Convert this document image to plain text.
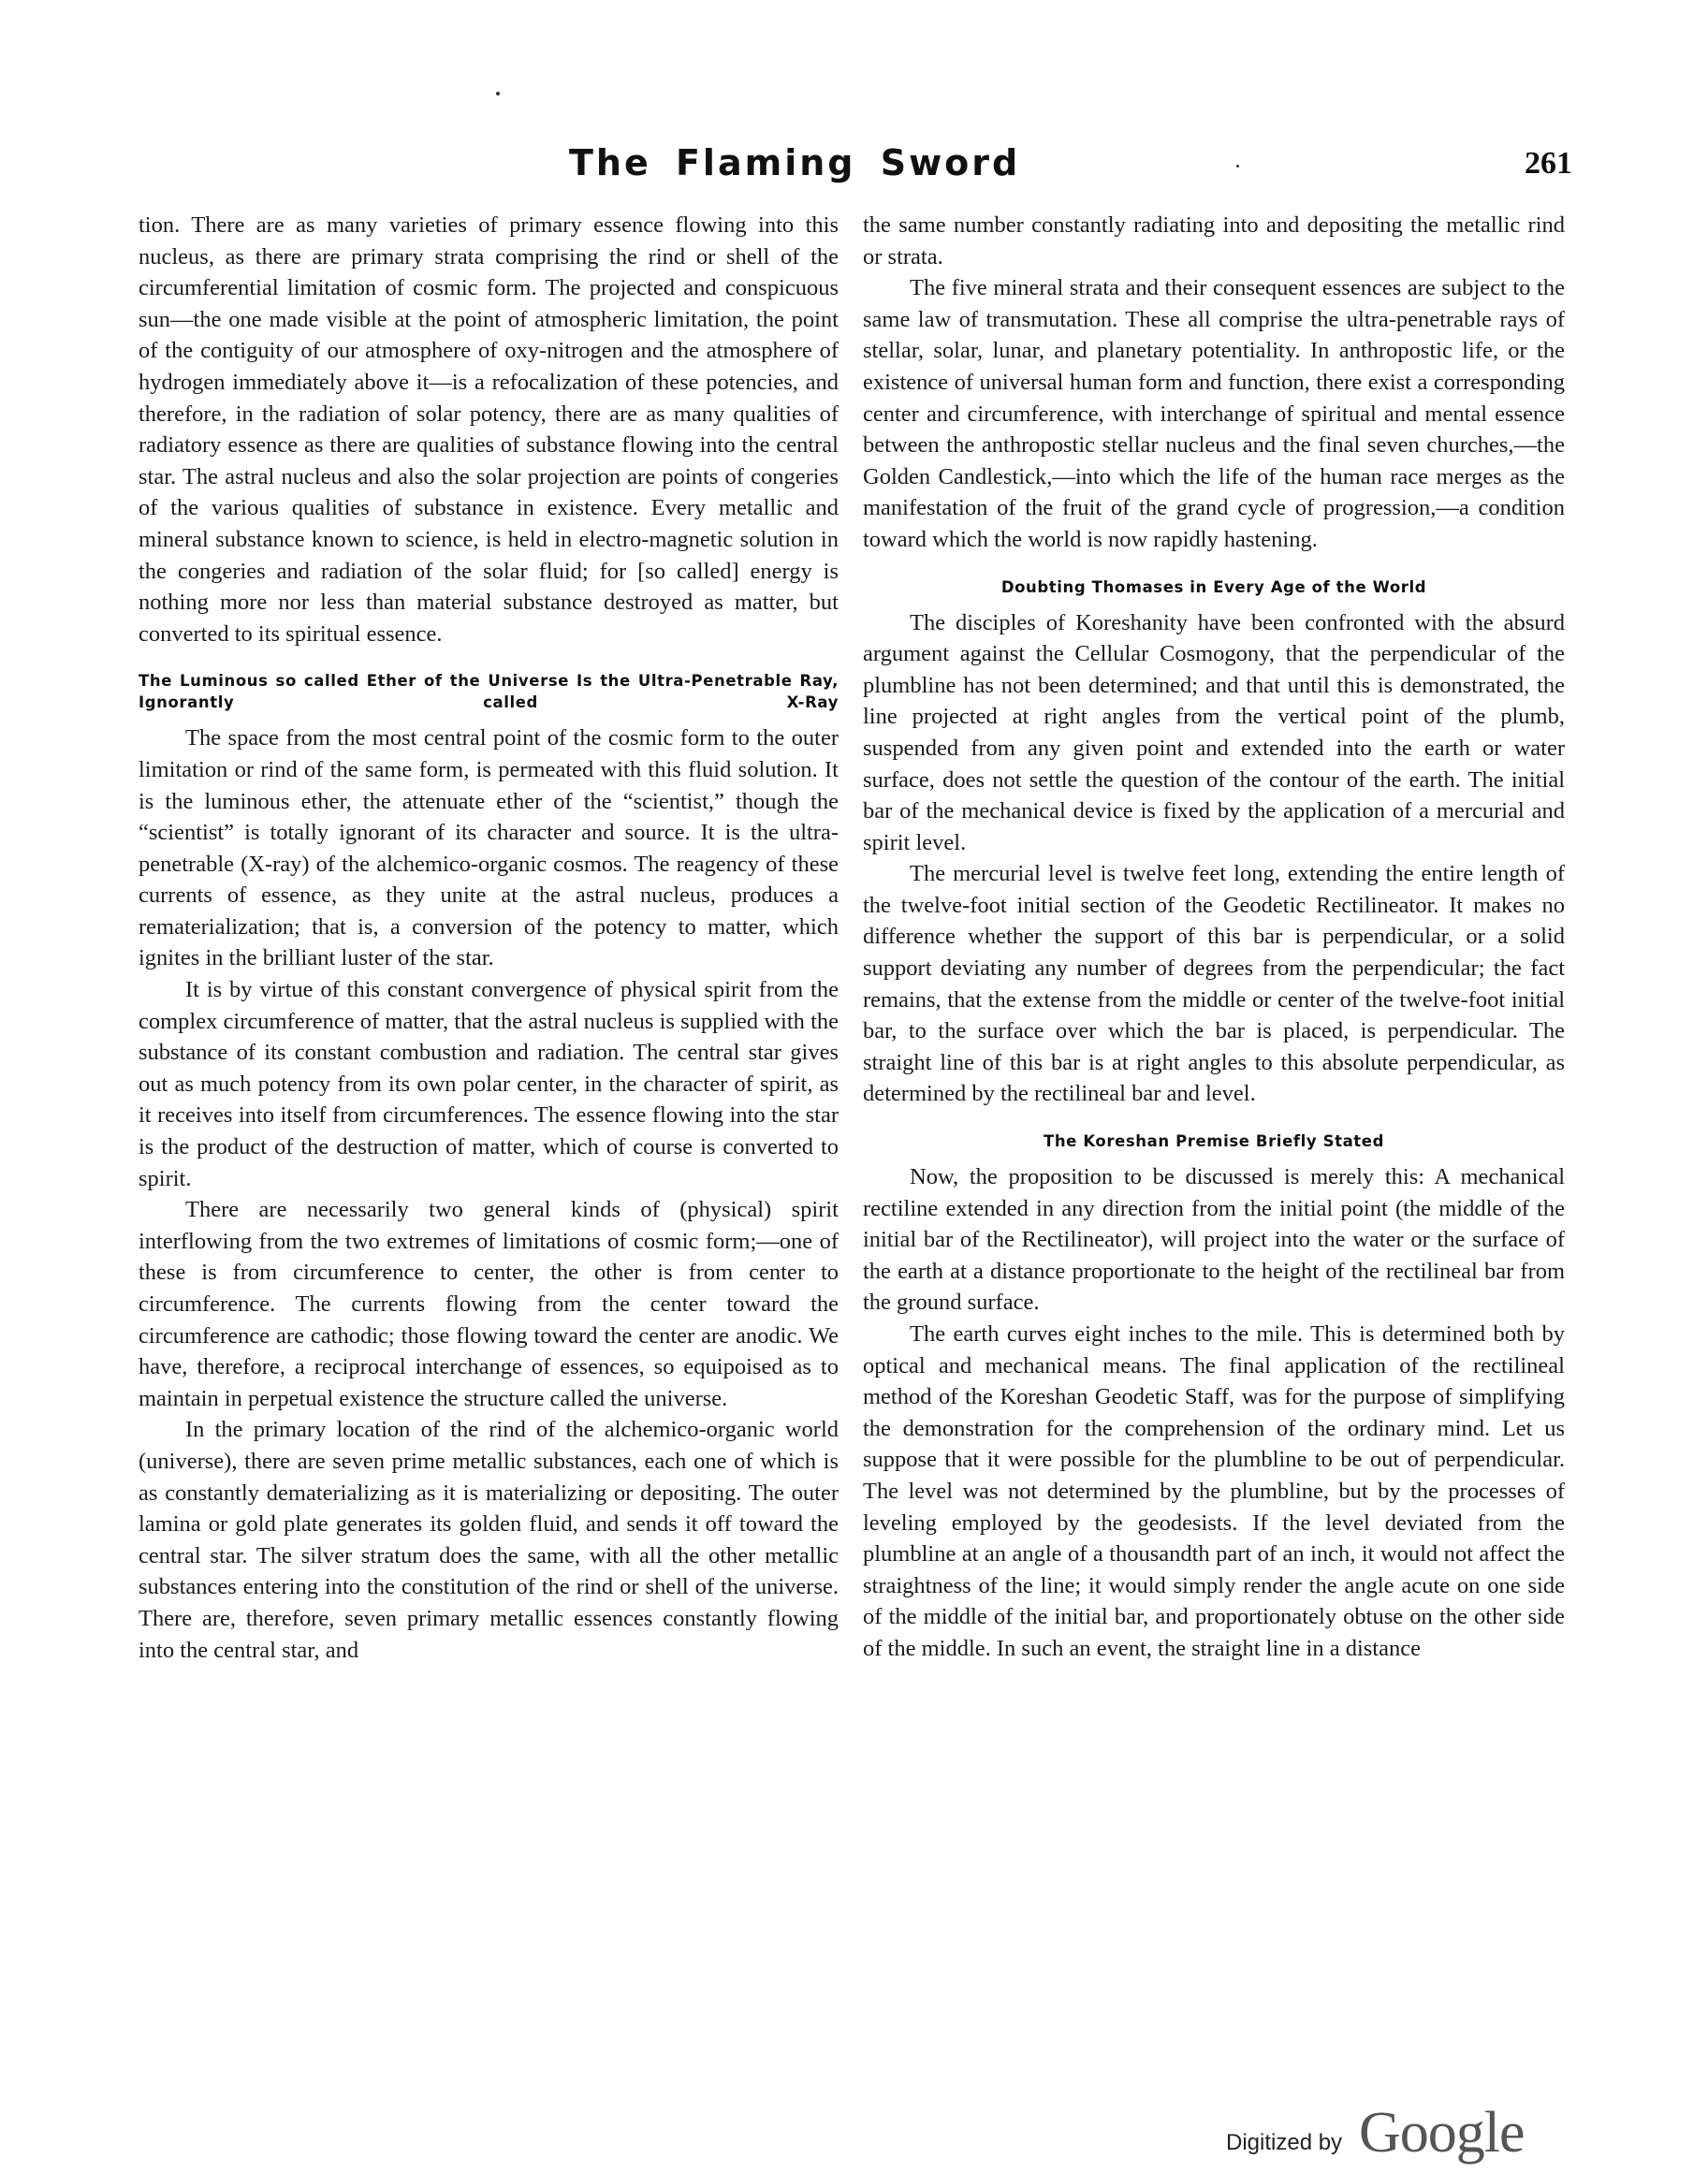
The Flaming Sword	261

tion. There are as many varieties of primary essence flowing into this nucleus, as there are primary strata comprising the rind or shell of the circumferential limitation of cosmic form. The projected and conspicuous sun—the one made visible at the point of atmospheric limitation, the point of the contiguity of our atmosphere of oxy-nitrogen and the atmosphere of hydrogen immediately above it—is a refocalization of these potencies, and therefore, in the radiation of solar potency, there are as many qualities of radiatory essence as there are qualities of substance flowing into the central star. The astral nucleus and also the solar projection are points of congeries of the various qualities of substance in existence. Every metallic and mineral substance known to science, is held in electro-magnetic solution in the congeries and radiation of the solar fluid; for [so called] energy is nothing more nor less than material substance destroyed as matter, but converted to its spiritual essence.

The Luminous so called Ether of the Universe Is the Ultra-Penetrable Ray, Ignorantly called X-Ray

The space from the most central point of the cosmic form to the outer limitation or rind of the same form, is permeated with this fluid solution. It is the luminous ether, the attenuate ether of the “scientist,” though the “scientist” is totally ignorant of its character and source. It is the ultra-penetrable (X-ray) of the alchemico-organic cosmos. The reagency of these currents of essence, as they unite at the astral nucleus, produces a rematerialization; that is, a conversion of the potency to matter, which ignites in the brilliant luster of the star.

It is by virtue of this constant convergence of physical spirit from the complex circumference of matter, that the astral nucleus is supplied with the substance of its constant combustion and radiation. The central star gives out as much potency from its own polar center, in the character of spirit, as it receives into itself from circumferences. The essence flowing into the star is the product of the destruction of matter, which of course is converted to spirit.

There are necessarily two general kinds of (physical) spirit interflowing from the two extremes of limitations of cosmic form;—one of these is from circumference to center, the other is from center to circumference. The currents flowing from the center toward the circumference are cathodic; those flowing toward the center are anodic. We have, therefore, a reciprocal interchange of essences, so equipoised as to maintain in perpetual existence the structure called the universe.

In the primary location of the rind of the alchemico-organic world (universe), there are seven prime metallic substances, each one of which is as constantly dematerializing as it is materializing or depositing. The outer lamina or gold plate generates its golden fluid, and sends it off toward the central star. The silver stratum does the same, with all the other metallic substances entering into the constitution of the rind or shell of the universe. There are, therefore, seven primary metallic essences constantly flowing into the central star, and

the same number constantly radiating into and depositing the metallic rind or strata.

The five mineral strata and their consequent essences are subject to the same law of transmutation. These all comprise the ultra-penetrable rays of stellar, solar, lunar, and planetary potentiality. In anthropostic life, or the existence of universal human form and function, there exist a corresponding center and circumference, with interchange of spiritual and mental essence between the anthropostic stellar nucleus and the final seven churches,—the Golden Candlestick,—into which the life of the human race merges as the manifestation of the fruit of the grand cycle of progression,—a condition toward which the world is now rapidly hastening.

Doubting Thomases in Every Age of the World

The disciples of Koreshanity have been confronted with the absurd argument against the Cellular Cosmogony, that the perpendicular of the plumbline has not been determined; and that until this is demonstrated, the line projected at right angles from the vertical point of the plumb, suspended from any given point and extended into the earth or water surface, does not settle the question of the contour of the earth. The initial bar of the mechanical device is fixed by the application of a mercurial and spirit level.

The mercurial level is twelve feet long, extending the entire length of the twelve-foot initial section of the Geodetic Rectilineator. It makes no difference whether the support of this bar is perpendicular, or a solid support deviating any number of degrees from the perpendicular; the fact remains, that the extense from the middle or center of the twelve-foot initial bar, to the surface over which the bar is placed, is perpendicular. The straight line of this bar is at right angles to this absolute perpendicular, as determined by the rectilineal bar and level.

The Koreshan Premise Briefly Stated

Now, the proposition to be discussed is merely this: A mechanical rectiline extended in any direction from the initial point (the middle of the initial bar of the Rectilineator), will project into the water or the surface of the earth at a distance proportionate to the height of the rectilineal bar from the ground surface.

The earth curves eight inches to the mile. This is determined both by optical and mechanical means. The final application of the rectilineal method of the Koreshan Geodetic Staff, was for the purpose of simplifying the demonstration for the comprehension of the ordinary mind. Let us suppose that it were possible for the plumbline to be out of perpendicular. The level was not determined by the plumbline, but by the processes of leveling employed by the geodesists. If the level deviated from the plumbline at an angle of a thousandth part of an inch, it would not affect the straightness of the line; it would simply render the angle acute on one side of the middle of the initial bar, and proportionately obtuse on the other side of the middle. In such an event, the straight line in a distance

Digitized by Google
